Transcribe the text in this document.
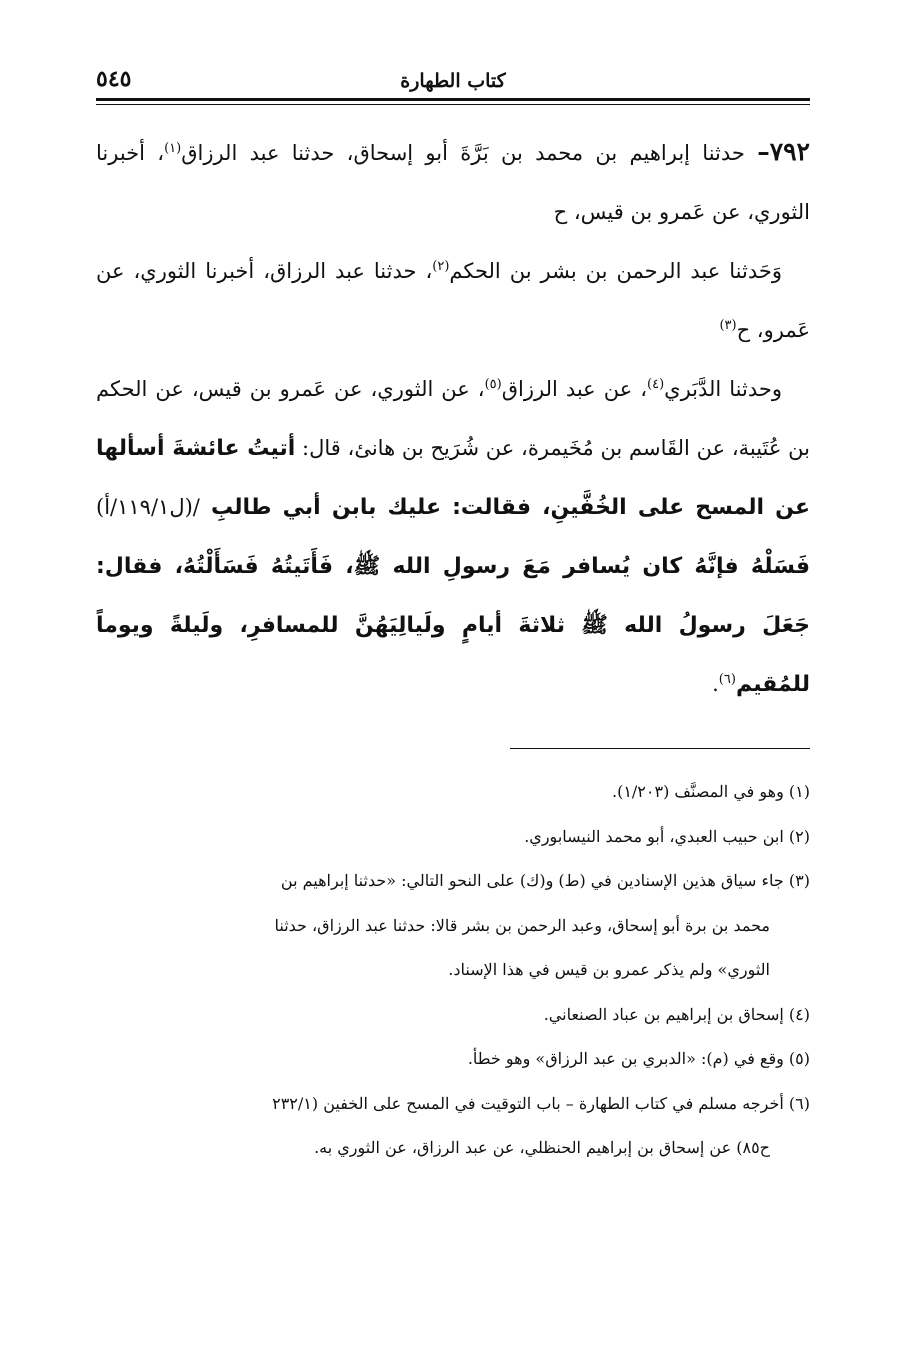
كتاب الطهارة
٥٤٥

٧٩٢– حدثنا إبراهيم بن محمد بن بَرَّةَ أبو إسحاق، حدثنا عبد الرزاق$^{(١)}$، أخبرنا الثوري، عن عَمرو بن قيس، ح

وَحَدثنا عبد الرحمن بن بشر بن الحكم$^{(٢)}$، حدثنا عبد الرزاق، أخبرنا الثوري، عن عَمرو، ح$^{(٣)}$

وحدثنا الدَّبَري$^{(٤)}$، عن عبد الرزاق$^{(٥)}$، عن الثوري، عن عَمرو بن قيس، عن الحكم بن عُتَيبة، عن القَاسم بن مُخَيمرة، عن شُرَيح بن هانئ، قال: أتيتُ عائشةَ أسألها عن المسح على الخُفَّينِ، فقالت: عليك بابن أبي طالبِ /(ل١١٩/١/أ) فَسَلْهُ فإنَّهُ كان يُسافر مَعَ رسولِ الله ﷺ، فَأَتَيتُهُ فَسَأَلْتُهُ، فقال: جَعَلَ رسولُ الله ﷺ ثلاثةَ أيامٍ ولَيالِيَهُنَّ للمسافرِ، ولَيلةً ويوماً للمُقيم$^{(٦)}$.

(١) وهو في المصنَّف (١/٢٠٣).

(٢) ابن حبيب العبدي، أبو محمد النيسابوري.

(٣) جاء سياق هذين الإسنادين في (ط) و(ك) على النحو التالي: «حدثنا إبراهيم بن

محمد بن برة أبو إسحاق، وعبد الرحمن بن بشر قالا: حدثنا عبد الرزاق، حدثنا

الثوري» ولم يذكر عمرو بن قيس في هذا الإسناد.

(٤) إسحاق بن إبراهيم بن عباد الصنعاني.

(٥) وقع في (م): «الدبري بن عبد الرزاق» وهو خطأ.

(٦) أخرجه مسلم في كتاب الطهارة – باب التوقيت في المسح على الخفين (٢٣٢/١

ح٨٥) عن إسحاق بن إبراهيم الحنظلي، عن عبد الرزاق، عن الثوري به.
